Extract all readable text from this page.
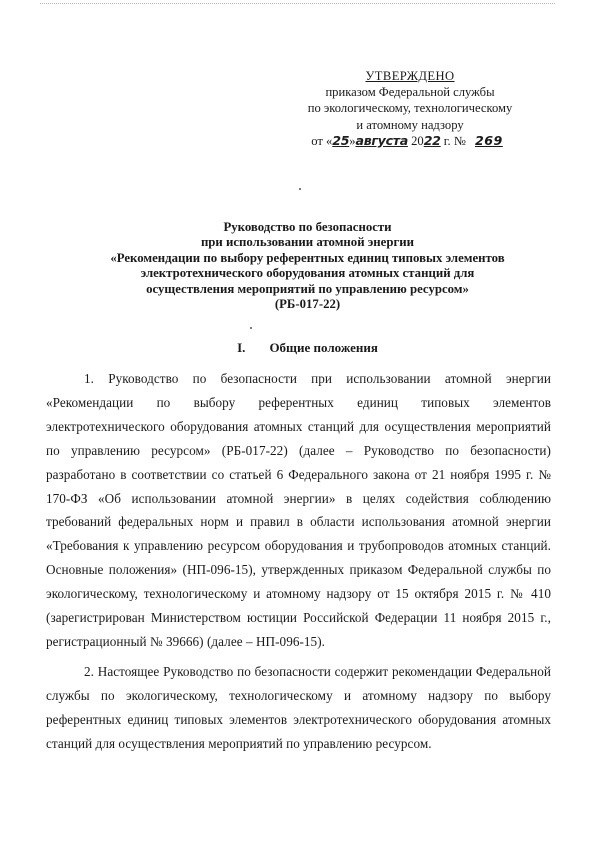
УТВЕРЖДЕНО
приказом Федеральной службы
по экологическому, технологическому
и атомному надзору
от «25»августа 2022 г. № 269
Руководство по безопасности
при использовании атомной энергии
«Рекомендации по выбору референтных единиц типовых элементов
электротехнического оборудования атомных станций для
осуществления мероприятий по управлению ресурсом»
(РБ-017-22)
I. Общие положения

1. Руководство по безопасности при использовании атомной энергии «Рекомендации по выбору референтных единиц типовых элементов электротехнического оборудования атомных станций для осуществления мероприятий по управлению ресурсом» (РБ-017-22) (далее – Руководство по безопасности) разработано в соответствии со статьей 6 Федерального закона от 21 ноября 1995 г. № 170-ФЗ «Об использовании атомной энергии» в целях содействия соблюдению требований федеральных норм и правил в области использования атомной энергии «Требования к управлению ресурсом оборудования и трубопроводов атомных станций. Основные положения» (НП-096-15), утвержденных приказом Федеральной службы по экологическому, технологическому и атомному надзору от 15 октября 2015 г. № 410 (зарегистрирован Министерством юстиции Российской Федерации 11 ноября 2015 г., регистрационный № 39666) (далее – НП-096-15).

2. Настоящее Руководство по безопасности содержит рекомендации Федеральной службы по экологическому, технологическому и атомному надзору по выбору референтных единиц типовых элементов электротехнического оборудования атомных станций для осуществления мероприятий по управлению ресурсом.
